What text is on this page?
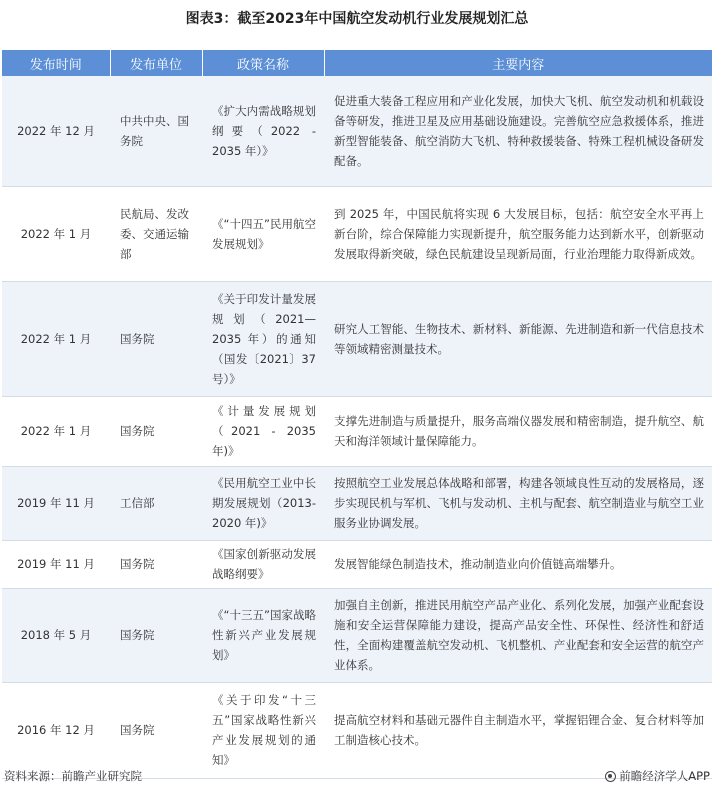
图表3：截至2023年中国航空发动机行业发展规划汇总
发布时间	发布单位	政策名称	主要内容
2022 年 12 月	中共中央、国务院	《扩大内需战略规划纲要（2022 - 2035 年）》	促进重大装备工程应用和产业化发展，加快大飞机、航空发动机和机载设备等研发，推进卫星及应用基础设施建设。完善航空应急救援体系，推进新型智能装备、航空消防大飞机、特种救援装备、特殊工程机械设备研发配备。
2022 年 1 月	民航局、发改委、交通运输部	《“十四五”民用航空发展规划》	到 2025 年，中国民航将实现 6 大发展目标，包括：航空安全水平再上新台阶，综合保障能力实现新提升，航空服务能力达到新水平，创新驱动发展取得新突破，绿色民航建设呈现新局面，行业治理能力取得新成效。
2022 年 1 月	国务院	《关于印发计量发展规划（2021—2035 年）的通知（国发〔2021〕37 号）》	研究人工智能、生物技术、新材料、新能源、先进制造和新一代信息技术等领域精密测量技术。
2022 年 1 月	国务院	《计量发展规划（2021 - 2035 年)》	支撑先进制造与质量提升，服务高端仪器发展和精密制造，提升航空、航天和海洋领域计量保障能力。
2019 年 11 月	工信部	《民用航空工业中长期发展规划（2013-2020 年)》	按照航空工业发展总体战略和部署，构建各领域良性互动的发展格局，逐步实现民机与军机、飞机与发动机、主机与配套、航空制造业与航空工业服务业协调发展。
2019 年 11 月	国务院	《国家创新驱动发展战略纲要》	发展智能绿色制造技术，推动制造业向价值链高端攀升。
2018 年 5 月	国务院	《“十三五”国家战略性新兴产业发展规划》	加强自主创新，推进民用航空产品产业化、系列化发展，加强产业配套设施和安全运营保障能力建设，提高产品安全性、环保性、经济性和舒适性，全面构建覆盖航空发动机、飞机整机、产业配套和安全运营的航空产业体系。
2016 年 12 月	国务院	《关于印发“十三五”国家战略性新兴产业发展规划的通知》	提高航空材料和基础元器件自主制造水平，掌握铝锂合金、复合材料等加工制造核心技术。
资料来源：前瞻产业研究院	前瞻经济学人APP
